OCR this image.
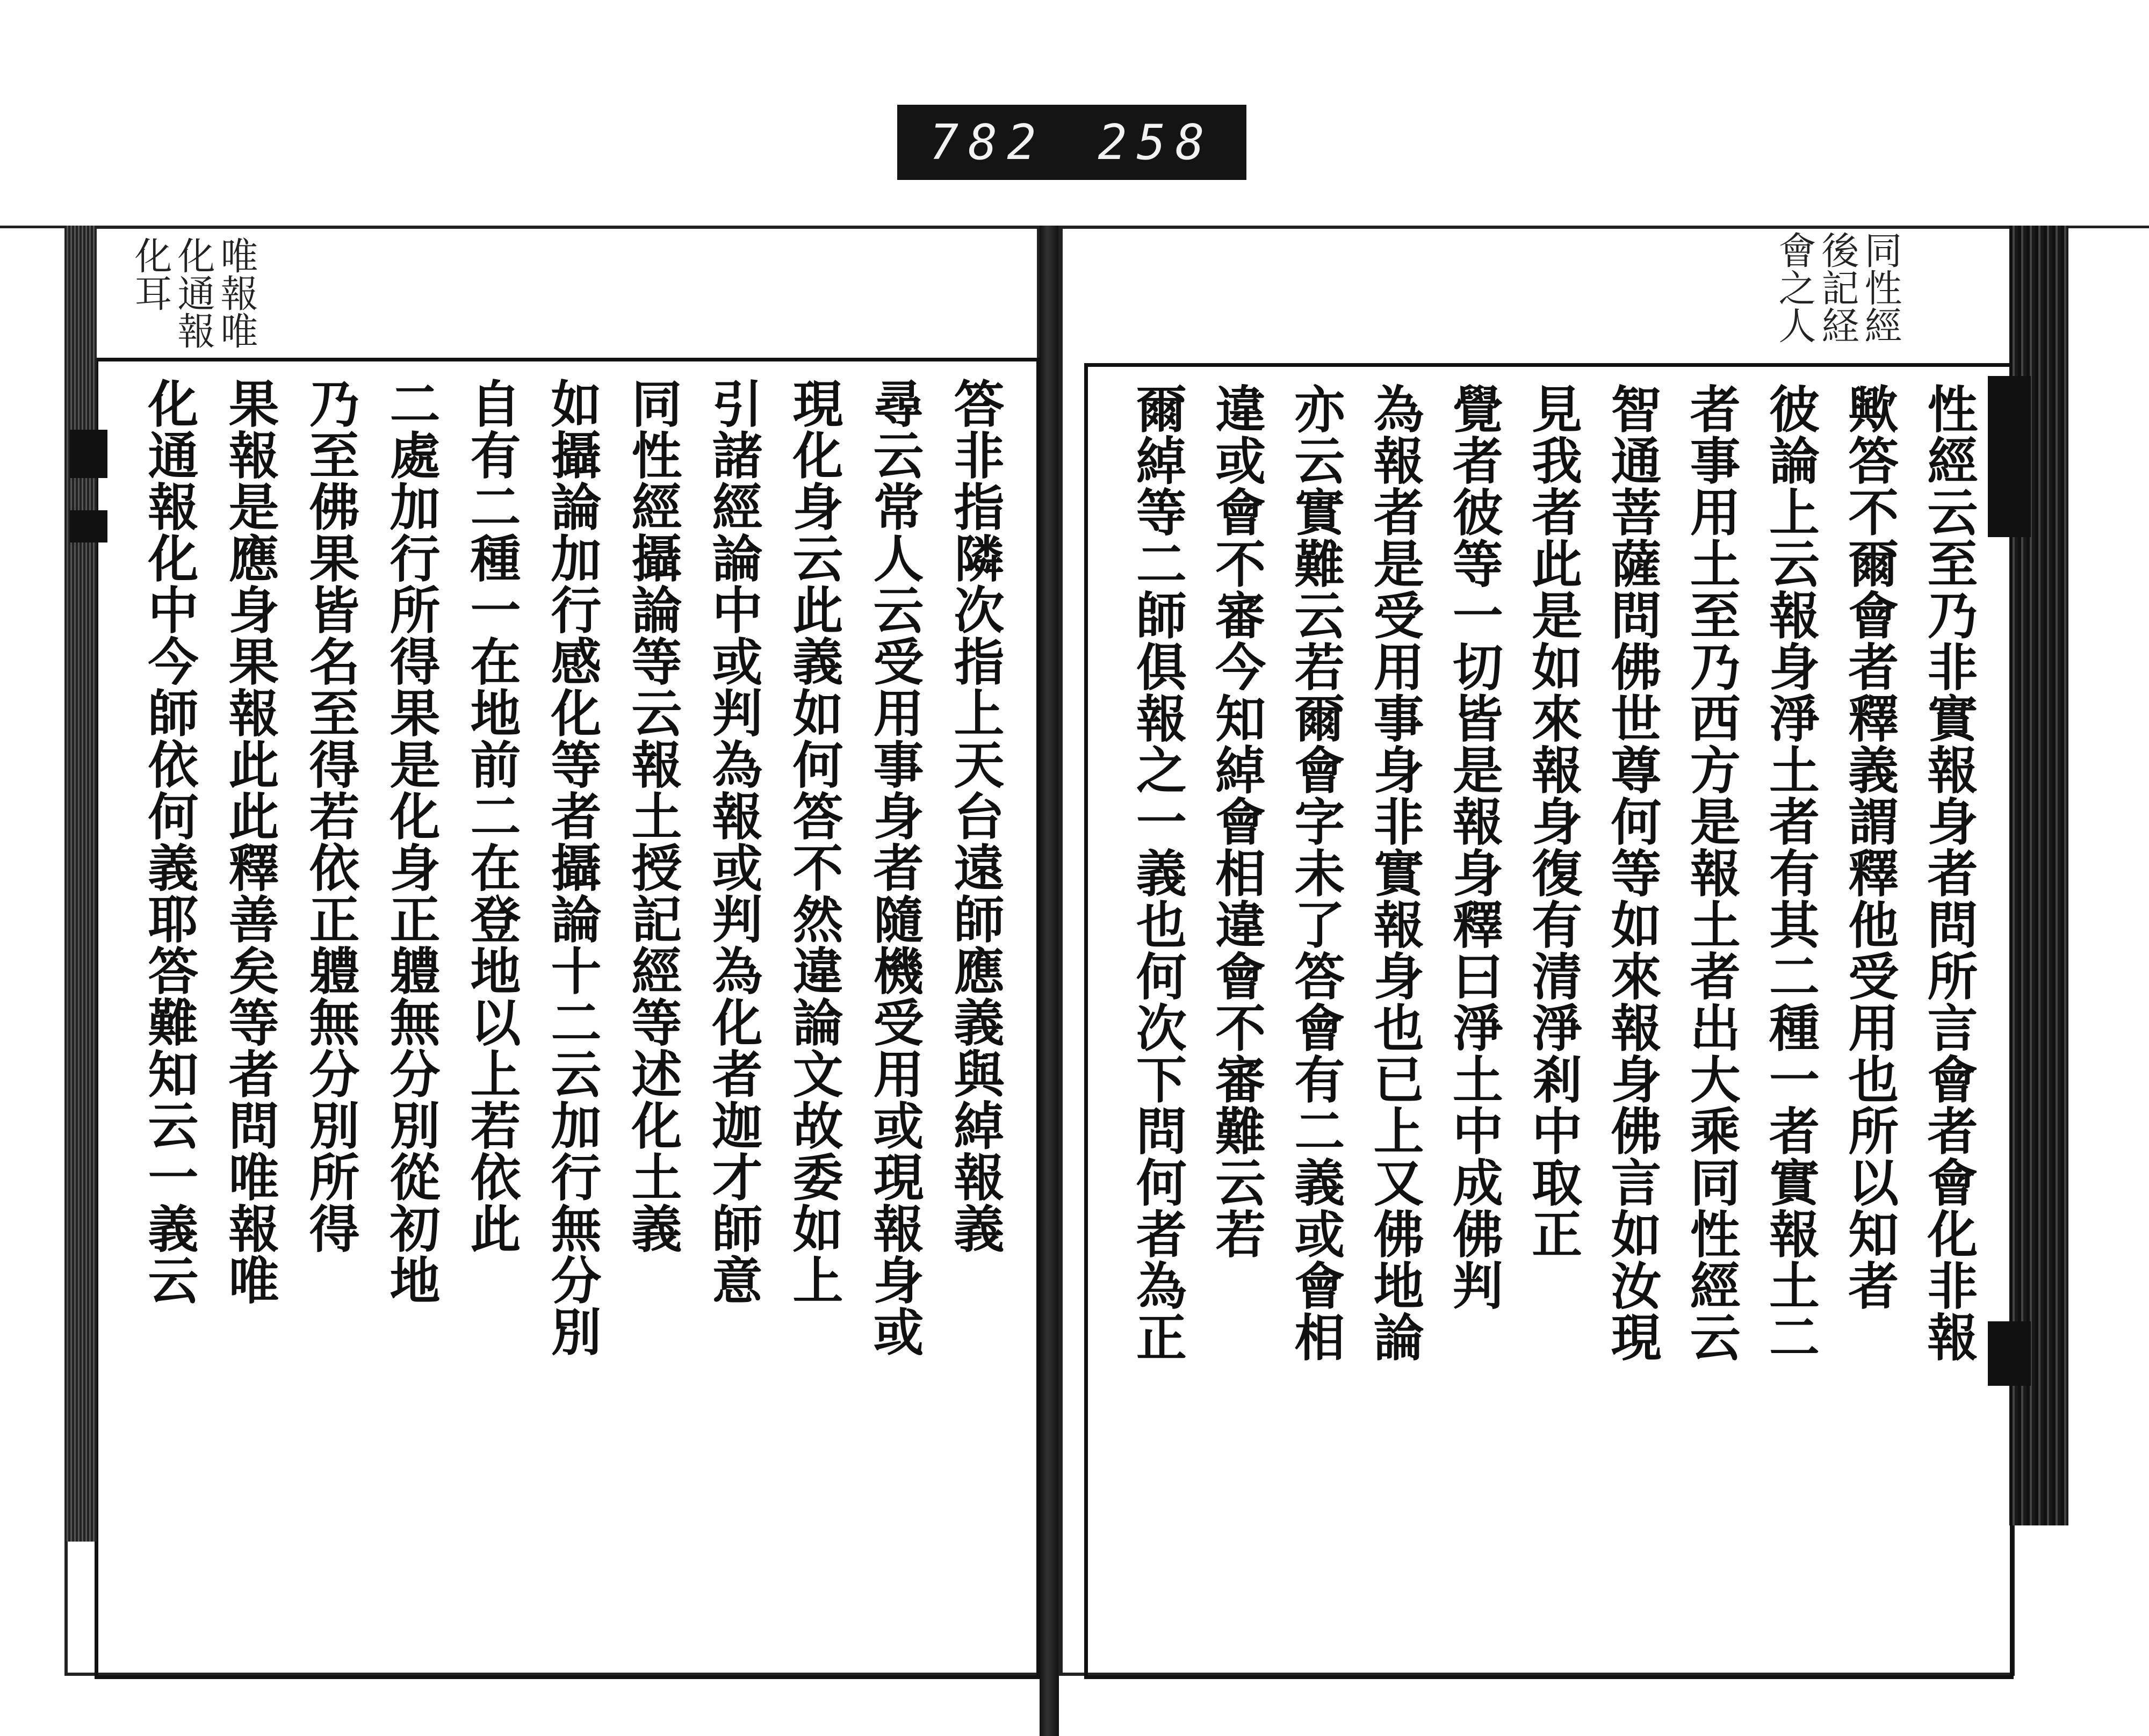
782 258
答非指隣次指上天台遠師應義與綽報義
尋云常人云受用事身者隨機受用或現報身或
現化身云此義如何答不然違論文故委如上
引諸經論中或判為報或判為化者迦才師意
同性經攝論等云報土授記經等述化土義
如攝論加行感化等者攝論十二云加行無分別
自有二種一在地前二在登地以上若依此
二處加行所得果是化身正軆無分別從初地
乃至佛果皆名至得若依正軆無分別所得
果報是應身果報此此釋善矣等者問唯報唯
化通報化中今師依何義耶答難知云一義云
唯報唯 化通報 化耳
性經云至乃非實報身者問所言會者會化非報
歟答不爾會者釋義謂釋他受用也所以知者
彼論上云報身淨土者有其二種一者實報土二
者事用土至乃西方是報土者出大乘同性經云
智通菩薩問佛世尊何等如來報身佛言如汝現
見我者此是如來報身復有清淨剎中取正
覺者彼等一切皆是報身釋曰淨土中成佛判
為報者是受用事身非實報身也已上又佛地論
亦云實難云若爾會字未了答會有二義或會相
違或會不審今知綽會相違會不審難云若
爾綽等二師俱報之一義也何次下問何者為正
同性經 後記経 會之人
